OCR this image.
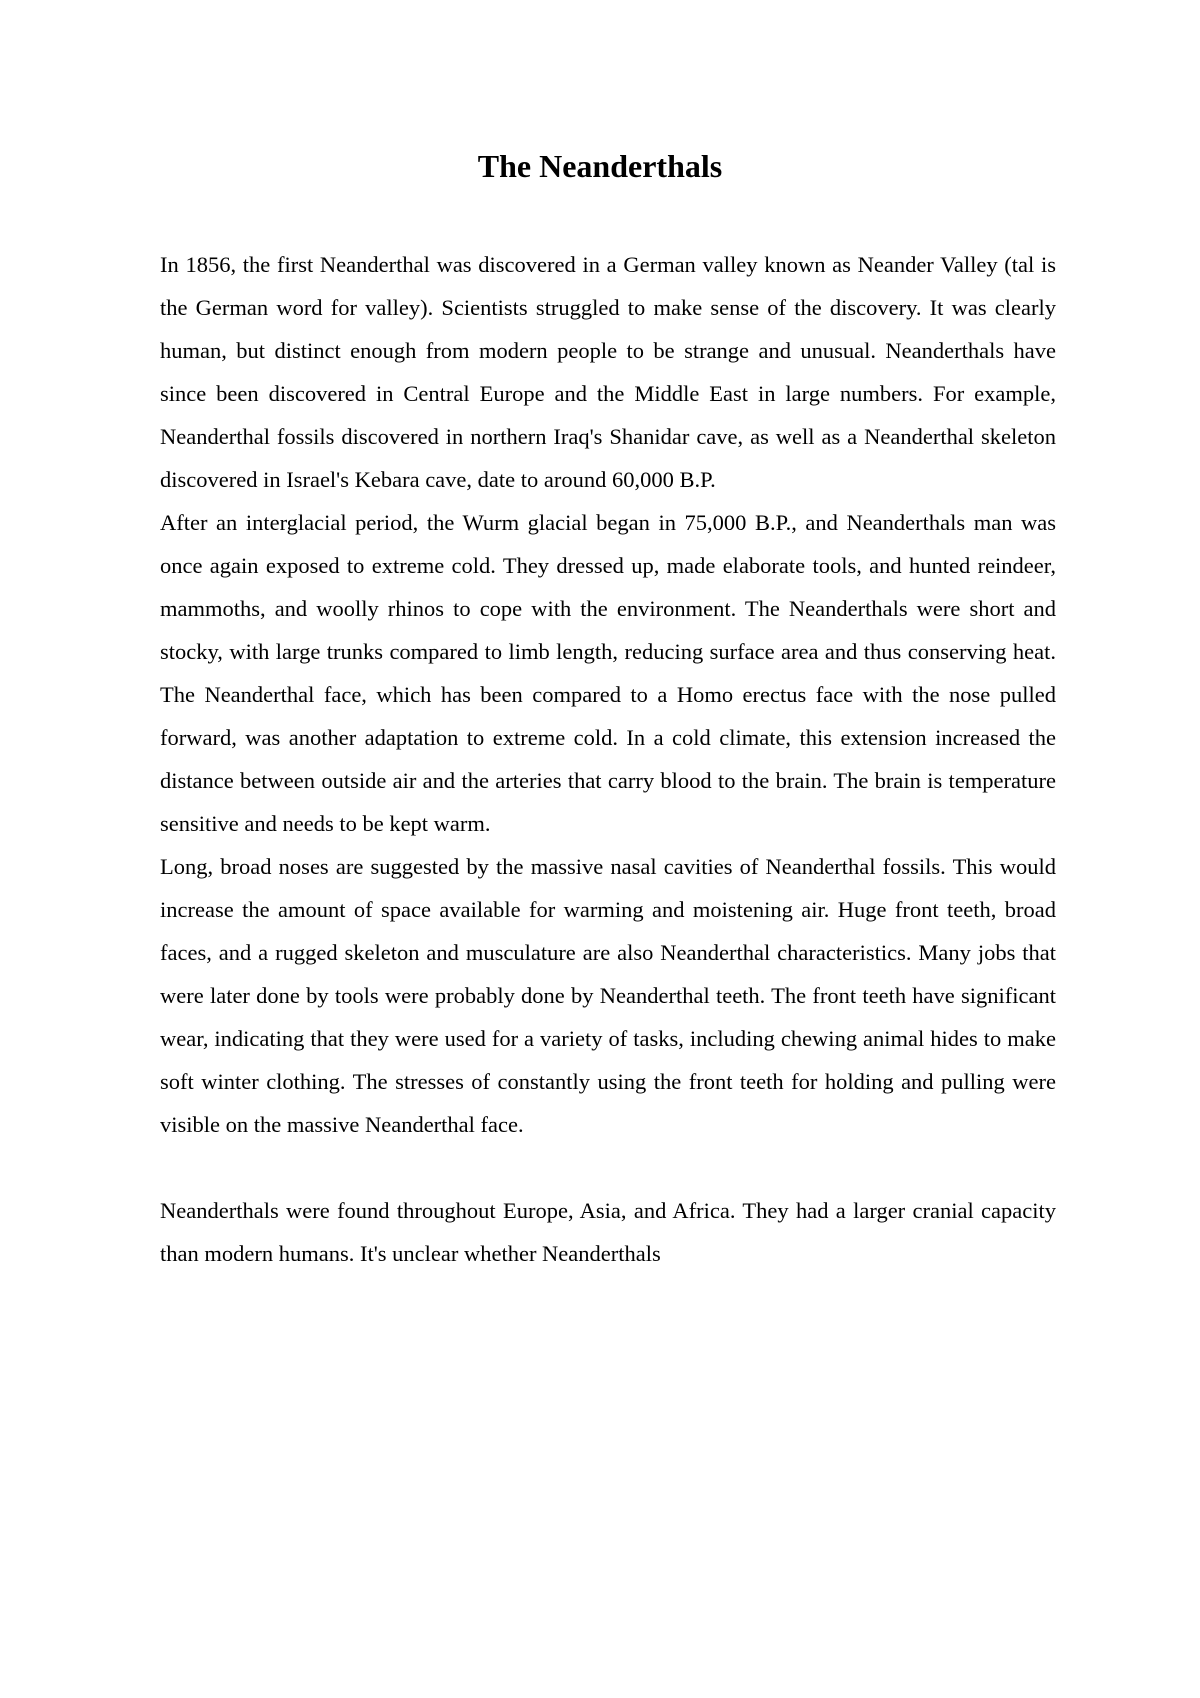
The Neanderthals

In 1856, the first Neanderthal was discovered in a German valley known as Neander Valley (tal is the German word for valley). Scientists struggled to make sense of the discovery. It was clearly human, but distinct enough from modern people to be strange and unusual. Neanderthals have since been discovered in Central Europe and the Middle East in large numbers. For example, Neanderthal fossils discovered in northern Iraq's Shanidar cave, as well as a Neanderthal skeleton discovered in Israel's Kebara cave, date to around 60,000 B.P.

After an interglacial period, the Wurm glacial began in 75,000 B.P., and Neanderthals man was once again exposed to extreme cold. They dressed up, made elaborate tools, and hunted reindeer, mammoths, and woolly rhinos to cope with the environment. The Neanderthals were short and stocky, with large trunks compared to limb length, reducing surface area and thus conserving heat. The Neanderthal face, which has been compared to a Homo erectus face with the nose pulled forward, was another adaptation to extreme cold. In a cold climate, this extension increased the distance between outside air and the arteries that carry blood to the brain. The brain is temperature sensitive and needs to be kept warm.

Long, broad noses are suggested by the massive nasal cavities of Neanderthal fossils. This would increase the amount of space available for warming and moistening air. Huge front teeth, broad faces, and a rugged skeleton and musculature are also Neanderthal characteristics. Many jobs that were later done by tools were probably done by Neanderthal teeth. The front teeth have significant wear, indicating that they were used for a variety of tasks, including chewing animal hides to make soft winter clothing. The stresses of constantly using the front teeth for holding and pulling were visible on the massive Neanderthal face.

Neanderthals were found throughout Europe, Asia, and Africa. They had a larger cranial capacity than modern humans. It's unclear whether Neanderthals
